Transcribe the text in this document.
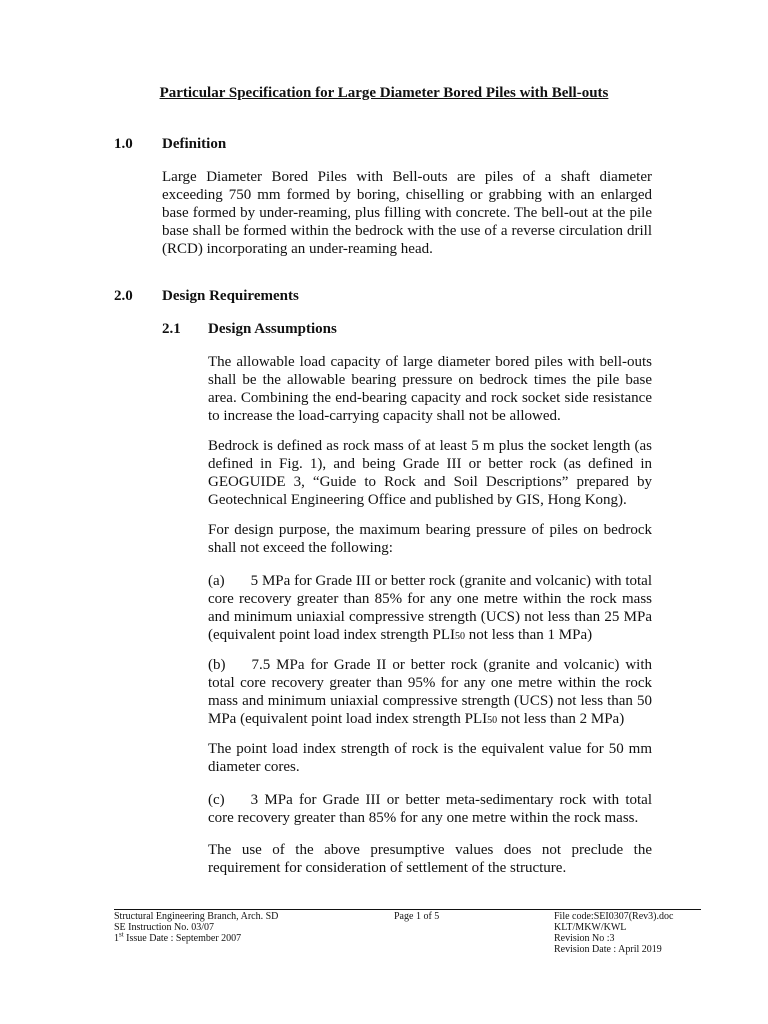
Particular Specification for Large Diameter Bored Piles with Bell-outs
1.0 Definition
Large Diameter Bored Piles with Bell-outs are piles of a shaft diameter exceeding 750 mm formed by boring, chiselling or grabbing with an enlarged base formed by under-reaming, plus filling with concrete. The bell-out at the pile base shall be formed within the bedrock with the use of a reverse circulation drill (RCD) incorporating an under-reaming head.
2.0 Design Requirements
2.1 Design Assumptions
The allowable load capacity of large diameter bored piles with bell-outs shall be the allowable bearing pressure on bedrock times the pile base area. Combining the end-bearing capacity and rock socket side resistance to increase the load-carrying capacity shall not be allowed.
Bedrock is defined as rock mass of at least 5 m plus the socket length (as defined in Fig. 1), and being Grade III or better rock (as defined in GEOGUIDE 3, “Guide to Rock and Soil Descriptions” prepared by Geotechnical Engineering Office and published by GIS, Hong Kong).
For design purpose, the maximum bearing pressure of piles on bedrock shall not exceed the following:
(a) 5 MPa for Grade III or better rock (granite and volcanic) with total core recovery greater than 85% for any one metre within the rock mass and minimum uniaxial compressive strength (UCS) not less than 25 MPa (equivalent point load index strength PLI50 not less than 1 MPa)
(b) 7.5 MPa for Grade II or better rock (granite and volcanic) with total core recovery greater than 95% for any one metre within the rock mass and minimum uniaxial compressive strength (UCS) not less than 50 MPa (equivalent point load index strength PLI50 not less than 2 MPa)
The point load index strength of rock is the equivalent value for 50 mm diameter cores.
(c) 3 MPa for Grade III or better meta-sedimentary rock with total core recovery greater than 85% for any one metre within the rock mass.
The use of the above presumptive values does not preclude the requirement for consideration of settlement of the structure.
Structural Engineering Branch, Arch. SD
SE Instruction No. 03/07
1st Issue Date : September 2007
Page 1 of 5	File code:SEI0307(Rev3).doc
KLT/MKW/KWL
Revision No :3
Revision Date : April 2019
